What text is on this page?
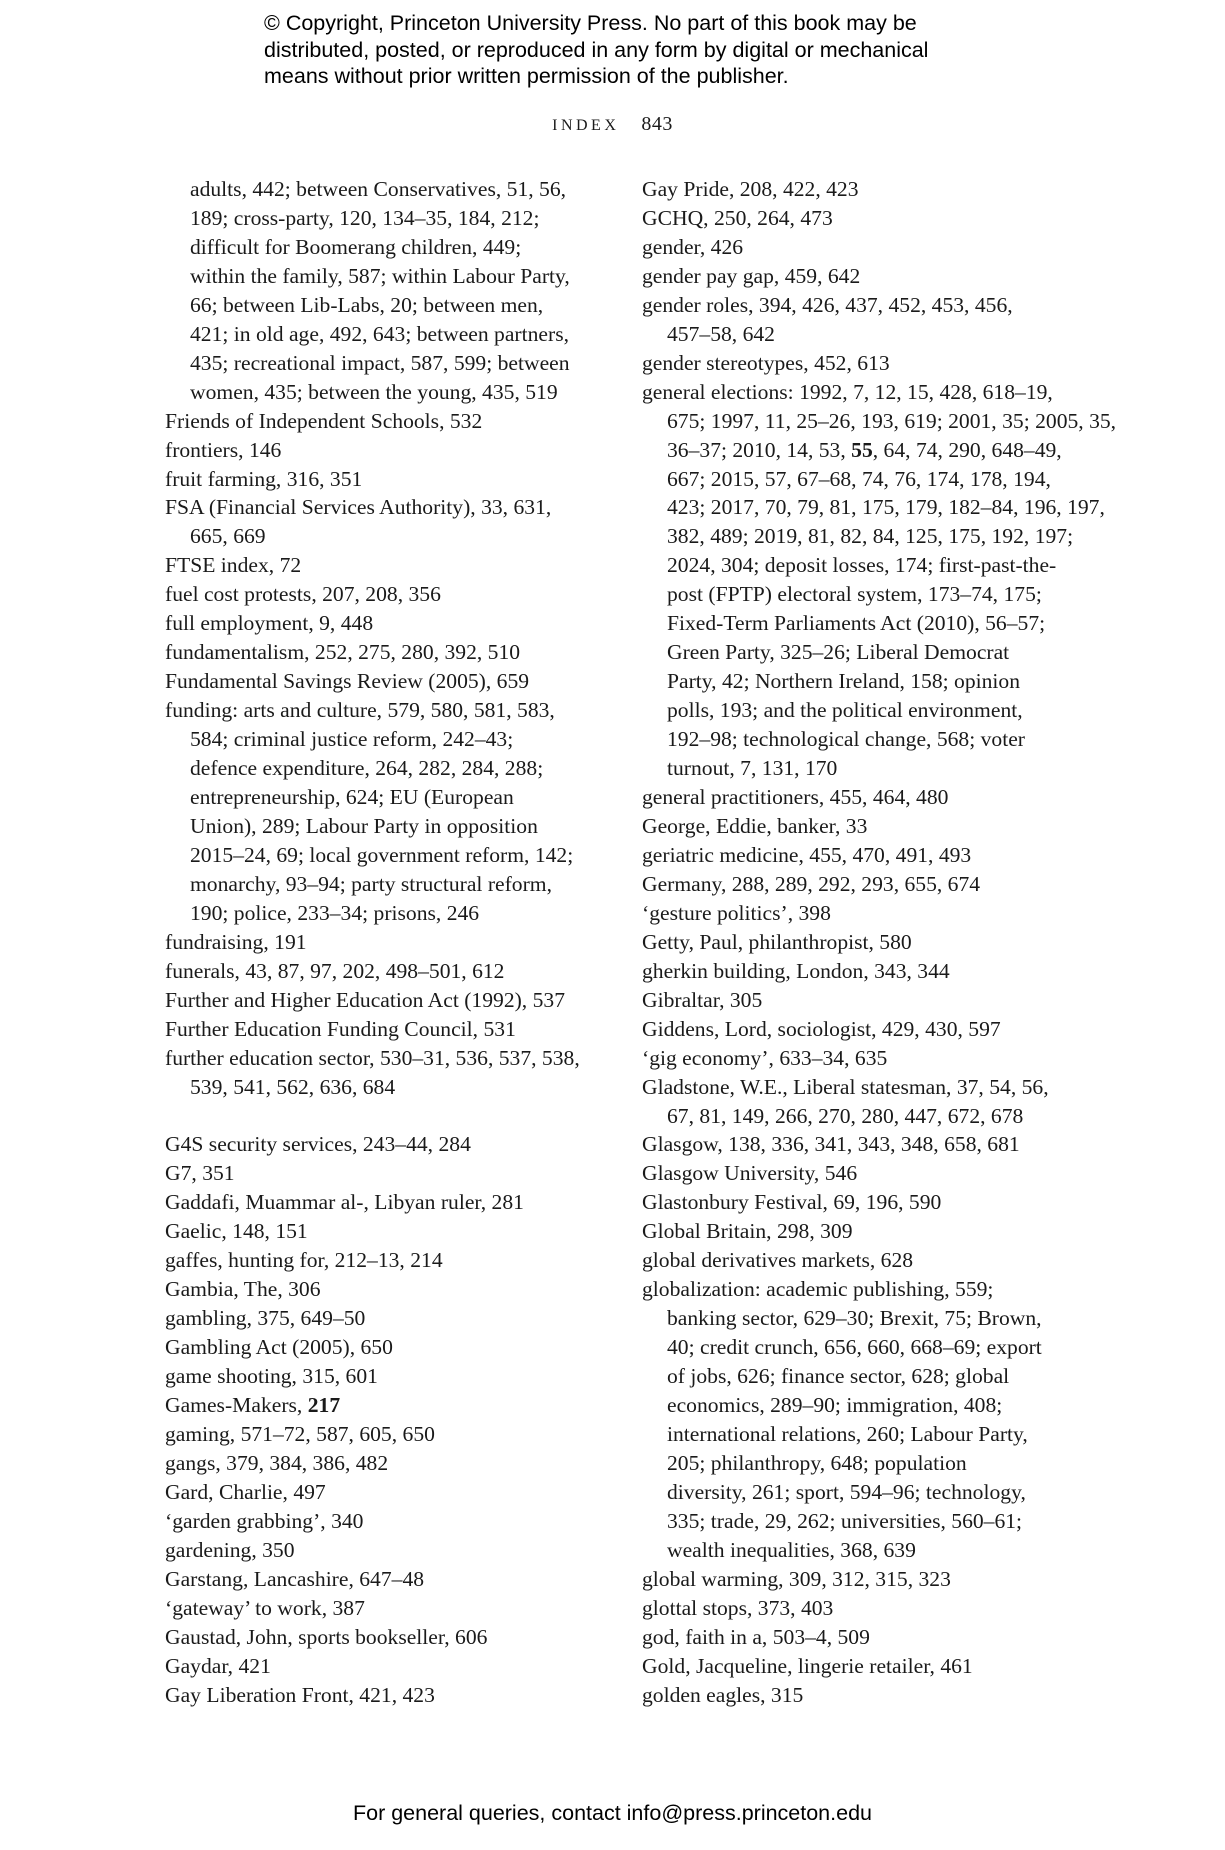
© Copyright, Princeton University Press. No part of this book may be
distributed, posted, or reproduced in any form by digital or mechanical
means without prior written permission of the publisher.
INDEX 843
adults, 442; between Conservatives, 51, 56,
189; cross-party, 120, 134–35, 184, 212;
difficult for Boomerang children, 449;
within the family, 587; within Labour Party,
66; between Lib-Labs, 20; between men,
421; in old age, 492, 643; between partners,
435; recreational impact, 587, 599; between
women, 435; between the young, 435, 519
Friends of Independent Schools, 532
frontiers, 146
fruit farming, 316, 351
FSA (Financial Services Authority), 33, 631,
665, 669
FTSE index, 72
fuel cost protests, 207, 208, 356
full employment, 9, 448
fundamentalism, 252, 275, 280, 392, 510
Fundamental Savings Review (2005), 659
funding: arts and culture, 579, 580, 581, 583,
584; criminal justice reform, 242–43;
defence expenditure, 264, 282, 284, 288;
entrepreneurship, 624; EU (European
Union), 289; Labour Party in opposition
2015–24, 69; local government reform, 142;
monarchy, 93–94; party structural reform,
190; police, 233–34; prisons, 246
fundraising, 191
funerals, 43, 87, 97, 202, 498–501, 612
Further and Higher Education Act (1992), 537
Further Education Funding Council, 531
further education sector, 530–31, 536, 537, 538,
539, 541, 562, 636, 684
G4S security services, 243–44, 284
G7, 351
Gaddafi, Muammar al-, Libyan ruler, 281
Gaelic, 148, 151
gaffes, hunting for, 212–13, 214
Gambia, The, 306
gambling, 375, 649–50
Gambling Act (2005), 650
game shooting, 315, 601
Games-Makers, 217
gaming, 571–72, 587, 605, 650
gangs, 379, 384, 386, 482
Gard, Charlie, 497
‘garden grabbing’, 340
gardening, 350
Garstang, Lancashire, 647–48
‘gateway’ to work, 387
Gaustad, John, sports bookseller, 606
Gaydar, 421
Gay Liberation Front, 421, 423
Gay Pride, 208, 422, 423
GCHQ, 250, 264, 473
gender, 426
gender pay gap, 459, 642
gender roles, 394, 426, 437, 452, 453, 456,
457–58, 642
gender stereotypes, 452, 613
general elections: 1992, 7, 12, 15, 428, 618–19,
675; 1997, 11, 25–26, 193, 619; 2001, 35; 2005, 35,
36–37; 2010, 14, 53, 55, 64, 74, 290, 648–49,
667; 2015, 57, 67–68, 74, 76, 174, 178, 194,
423; 2017, 70, 79, 81, 175, 179, 182–84, 196, 197,
382, 489; 2019, 81, 82, 84, 125, 175, 192, 197;
2024, 304; deposit losses, 174; first-past-the-
post (FPTP) electoral system, 173–74, 175;
Fixed-Term Parliaments Act (2010), 56–57;
Green Party, 325–26; Liberal Democrat
Party, 42; Northern Ireland, 158; opinion
polls, 193; and the political environment,
192–98; technological change, 568; voter
turnout, 7, 131, 170
general practitioners, 455, 464, 480
George, Eddie, banker, 33
geriatric medicine, 455, 470, 491, 493
Germany, 288, 289, 292, 293, 655, 674
‘gesture politics’, 398
Getty, Paul, philanthropist, 580
gherkin building, London, 343, 344
Gibraltar, 305
Giddens, Lord, sociologist, 429, 430, 597
‘gig economy’, 633–34, 635
Gladstone, W.E., Liberal statesman, 37, 54, 56,
67, 81, 149, 266, 270, 280, 447, 672, 678
Glasgow, 138, 336, 341, 343, 348, 658, 681
Glasgow University, 546
Glastonbury Festival, 69, 196, 590
Global Britain, 298, 309
global derivatives markets, 628
globalization: academic publishing, 559;
banking sector, 629–30; Brexit, 75; Brown,
40; credit crunch, 656, 660, 668–69; export
of jobs, 626; finance sector, 628; global
economics, 289–90; immigration, 408;
international relations, 260; Labour Party,
205; philanthropy, 648; population
diversity, 261; sport, 594–96; technology,
335; trade, 29, 262; universities, 560–61;
wealth inequalities, 368, 639
global warming, 309, 312, 315, 323
glottal stops, 373, 403
god, faith in a, 503–4, 509
Gold, Jacqueline, lingerie retailer, 461
golden eagles, 315
For general queries, contact info@press.princeton.edu
